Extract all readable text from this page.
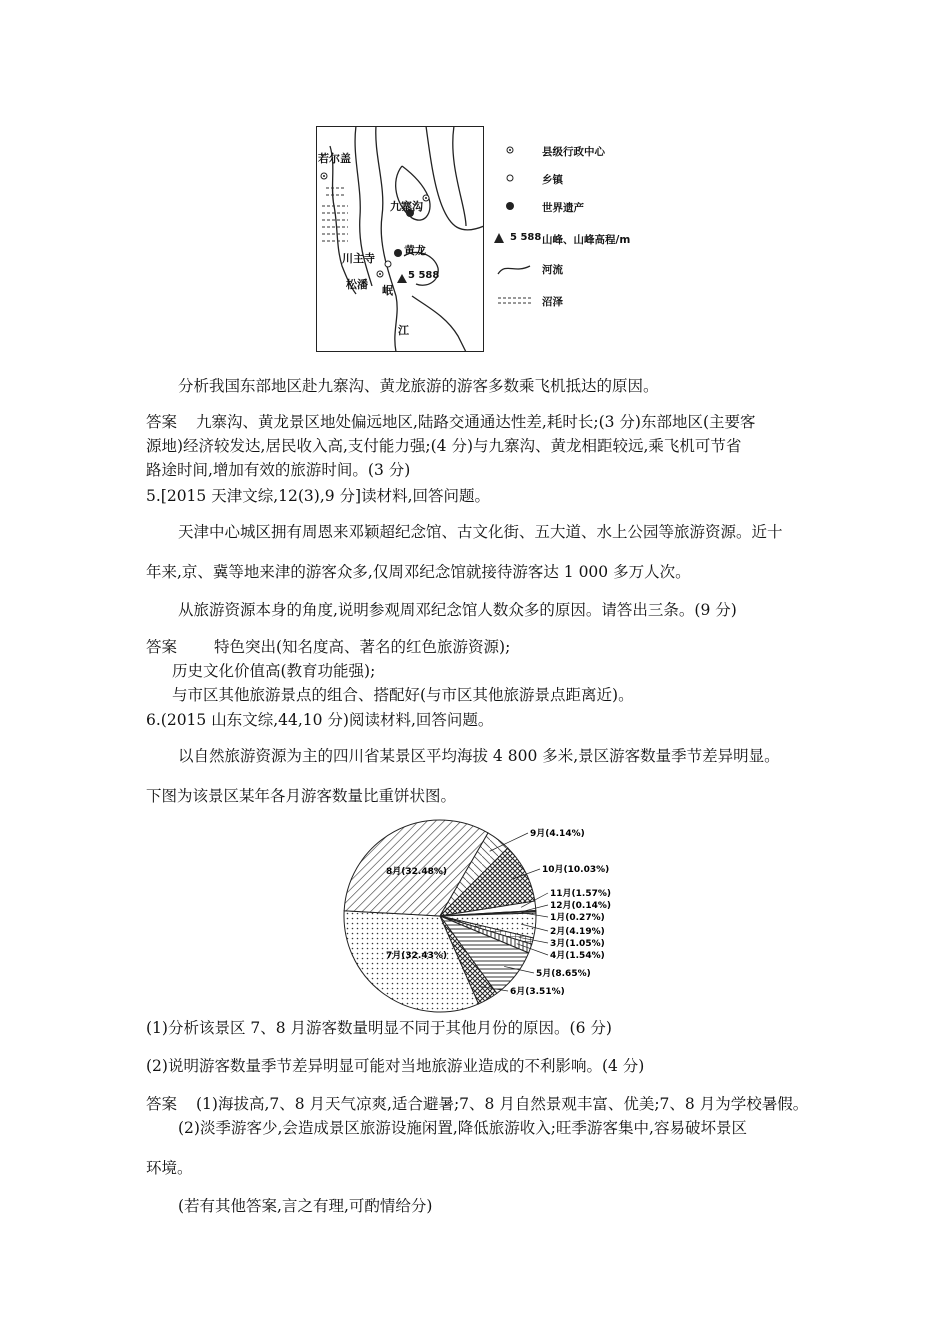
若尔盖
九寨沟
黄龙
川主寺
松潘 岷
江
5 588
县级行政中心
乡镇
世界遗产
5 588 山峰、山峰高程/m
河流
沼泽
分析我国东部地区赴九寨沟、黄龙旅游的游客多数乘飞机抵达的原因。
答案 九寨沟、黄龙景区地处偏远地区,陆路交通通达性差,耗时长;(3 分)东部地区(主要客
源地)经济较发达,居民收入高,支付能力强;(4 分)与九寨沟、黄龙相距较远,乘飞机可节省
路途时间,增加有效的旅游时间。(3 分)
5.[2015 天津文综,12(3),9 分]读材料,回答问题。
天津中心城区拥有周恩来邓颖超纪念馆、古文化街、五大道、水上公园等旅游资源。近十
年来,京、冀等地来津的游客众多,仅周邓纪念馆就接待游客达 1 000 多万人次。
从旅游资源本身的角度,说明参观周邓纪念馆人数众多的原因。请答出三条。(9 分)
答案 特色突出(知名度高、著名的红色旅游资源);
历史文化价值高(教育功能强);
与市区其他旅游景点的组合、搭配好(与市区其他旅游景点距离近)。
6.(2015 山东文综,44,10 分)阅读材料,回答问题。
以自然旅游资源为主的四川省某景区平均海拔 4 800 多米,景区游客数量季节差异明显。
下图为该景区某年各月游客数量比重饼状图。
1月(0.27%)
2月(4.19%)
3月(1.05%)
4月(1.54%)
5月(8.65%)
6月(3.51%)
7月(32.43%)
8月(32.48%)
9月(4.14%)
10月(10.03%)
11月(1.57%)
12月(0.14%)
(1)分析该景区 7、8 月游客数量明显不同于其他月份的原因。(6 分)
(2)说明游客数量季节差异明显可能对当地旅游业造成的不利影响。(4 分)
答案 (1)海拔高,7、8 月天气凉爽,适合避暑;7、8 月自然景观丰富、优美;7、8 月为学校暑假。
(2)淡季游客少,会造成景区旅游设施闲置,降低旅游收入;旺季游客集中,容易破坏景区
环境。
(若有其他答案,言之有理,可酌情给分)
